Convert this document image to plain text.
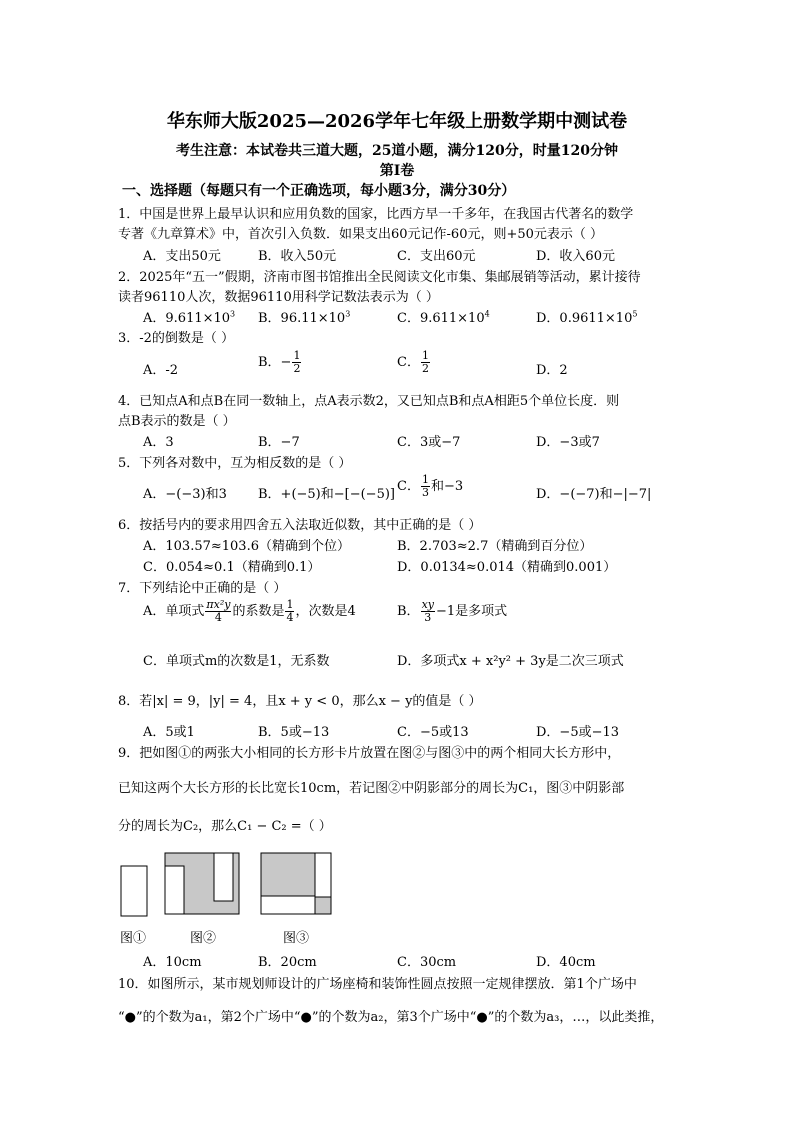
华东师大版2025—2026学年七年级上册数学期中测试卷
考生注意：本试卷共三道大题，25道小题，满分120分，时量120分钟
第Ⅰ卷
一、选择题（每题只有一个正确选项，每小题3分，满分30分）
1．中国是世界上最早认识和应用负数的国家，比西方早一千多年，在我国古代著名的数学
专著《九章算术》中，首次引入负数．如果支出60元记作-60元，则+50元表示（ ）
A．支出50元	B．收入50元	C．支出60元	D．收入60元
2．2025年“五一”假期，济南市图书馆推出全民阅读文化市集、集邮展销等活动，累计接待
读者96110人次，数据96110用科学记数法表示为（ ）
A．$9.611\times 10^3$ B．$96.11\times 10^3$	C．$9.611\times 10^4$	D．$0.9611\times 10^5$
3．-2的倒数是（ ）
A．-2
B．− $\frac{1}{2}$	C． $\frac{1}{2}$	D．2
4．已知点A和点B在同一数轴上，点A表示数2，又已知点B和点A相距5个单位长度．则
点B表示的数是（ ）
A．3	B．−7	C．3或−7	D．−3或7
5．下列各对数中，互为相反数的是（ ）
A．−(−3)和3 B．+(−5)和−[−(−5)]
C． $\frac{1}{3}$ 和−3
D．−(−7)和−|−7|
6．按括号内的要求用四舍五入法取近似数，其中正确的是（ ）
A．103.57≈103.6（精确到个位）	B．2.703≈2.7（精确到百分位）
C．0.054≈0.1（精确到0.1）	D．0.0134≈0.014（精确到0.001）
7．下列结论中正确的是（ ）
A．单项式 $\frac{\text{πx²y}}{4}$ 的系数是 $\frac{1}{4}$ ，次数是4	B． $\frac{xy}{3} -1$是多项式
C．单项式m的次数是1，无系数	D．多项式x + x²y² + 3y是二次三项式
8．若|x| = 9，|y| = 4，且x + y < 0，那么x − y的值是（ ）
A．5或1	B．5或−13	C．−5或13	D．−5或−13
9．把如图①的两张大小相同的长方形卡片放置在图②与图③中的两个相同大长方形中，
已知这两个大长方形的长比宽长10cm，若记图②中阴影部分的周长为C₁，图③中阴影部
分的周长为C₂，那么C₁ − C₂ =（ ）
图①	图②	图③
A．10cm	B．20cm	C．30cm	D．40cm
10．如图所示，某市规划师设计的广场座椅和装饰性圆点按照一定规律摆放．第1个广场中
“●”的个数为a₁，第2个广场中“●”的个数为a₂，第3个广场中“●”的个数为a₃，…，以此类推，
